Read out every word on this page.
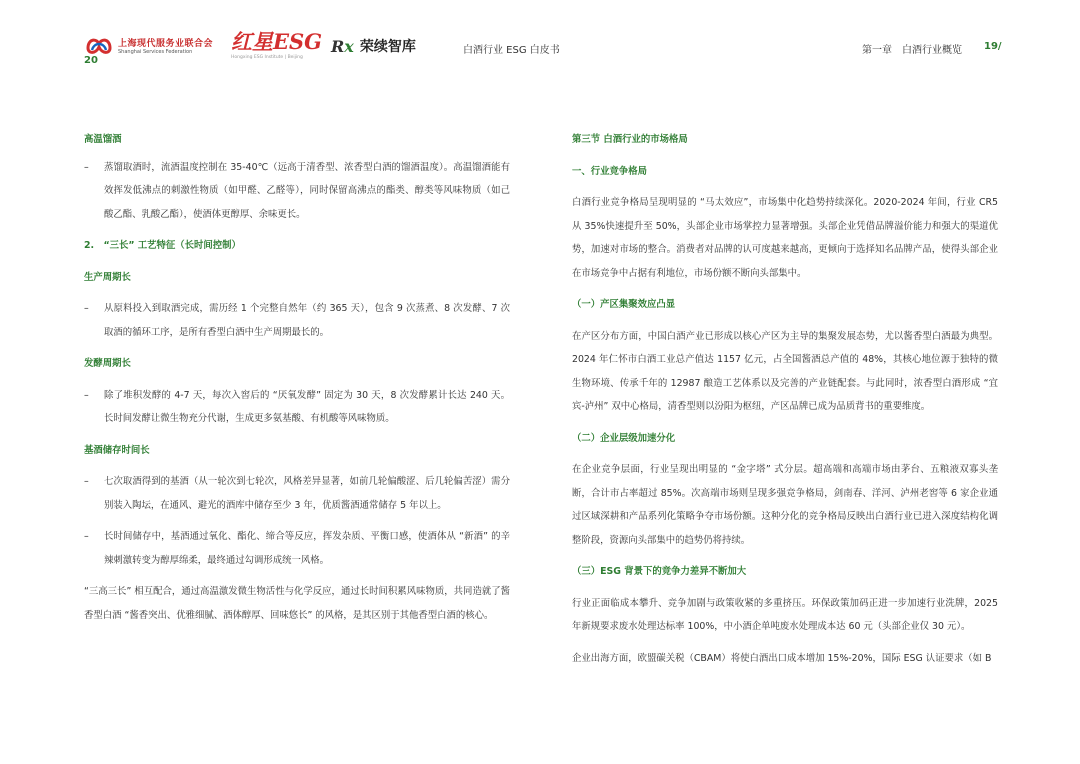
上海现代服务业联合会
Shanghai Services Federation
20
红星ESG
Hongxing ESG Institute | Beijing
Rx 荣续智库	白酒行业 ESG 白皮书	第一章　白酒行业概览 19/

高温馏酒

– 蒸馏取酒时，流酒温度控制在 35-40℃（远高于清香型、浓香型白酒的馏酒温度）。高温馏酒能有效挥发低沸点的刺激性物质（如甲醛、乙醛等），同时保留高沸点的酯类、醇类等风味物质（如己酸乙酯、乳酸乙酯），使酒体更醇厚、余味更长。

2.　“三长” 工艺特征（长时间控制）

生产周期长

– 从原料投入到取酒完成，需历经 1 个完整自然年（约 365 天），包含 9 次蒸煮、8 次发酵、7 次取酒的循环工序，是所有香型白酒中生产周期最长的。

发酵周期长

– 除了堆积发酵的 4-7 天，每次入窖后的 “厌氧发酵” 固定为 30 天，8 次发酵累计长达 240 天。长时间发酵让微生物充分代谢，生成更多氨基酸、有机酸等风味物质。

基酒储存时间长

– 七次取酒得到的基酒（从一轮次到七轮次，风格差异显著，如前几轮偏酸涩、后几轮偏苦涩）需分别装入陶坛，在通风、避光的酒库中储存至少 3 年，优质酱酒通常储存 5 年以上。

– 长时间储存中，基酒通过氧化、酯化、缔合等反应，挥发杂质、平衡口感，使酒体从 “新酒” 的辛辣刺激转变为醇厚绵柔，最终通过勾调形成统一风格。

“三高三长” 相互配合，通过高温激发微生物活性与化学反应，通过长时间积累风味物质，共同造就了酱香型白酒 “酱香突出、优雅细腻、酒体醇厚、回味悠长” 的风格，是其区别于其他香型白酒的核心。

第三节 白酒行业的市场格局

一、行业竞争格局

白酒行业竞争格局呈现明显的 “马太效应”，市场集中化趋势持续深化。2020-2024 年间，行业 CR5 从 35%快速提升至 50%，头部企业市场掌控力显著增强。头部企业凭借品牌溢价能力和强大的渠道优势，加速对市场的整合。消费者对品牌的认可度越来越高，更倾向于选择知名品牌产品，使得头部企业在市场竞争中占据有利地位，市场份额不断向头部集中。

（一）产区集聚效应凸显

在产区分布方面，中国白酒产业已形成以核心产区为主导的集聚发展态势，尤以酱香型白酒最为典型。2024 年仁怀市白酒工业总产值达 1157 亿元，占全国酱酒总产值的 48%，其核心地位源于独特的微生物环境、传承千年的 12987 酿造工艺体系以及完善的产业链配套。与此同时，浓香型白酒形成 “宜宾-泸州” 双中心格局，清香型则以汾阳为枢纽，产区品牌已成为品质背书的重要维度。

（二）企业层级加速分化

在企业竞争层面，行业呈现出明显的 “金字塔” 式分层。超高端和高端市场由茅台、五粮液双寡头垄断，合计市占率超过 85%。次高端市场则呈现多强竞争格局，剑南春、洋河、泸州老窖等 6 家企业通过区域深耕和产品系列化策略争夺市场份额。这种分化的竞争格局反映出白酒行业已进入深度结构化调整阶段，资源向头部集中的趋势仍将持续。

（三）ESG 背景下的竞争力差异不断加大

行业正面临成本攀升、竞争加剧与政策收紧的多重挤压。环保政策加码正进一步加速行业洗牌，2025 年新规要求废水处理达标率 100%，中小酒企单吨废水处理成本达 60 元（头部企业仅 30 元）。

企业出海方面，欧盟碳关税（CBAM）将使白酒出口成本增加 15%-20%，国际 ESG 认证要求（如 B
